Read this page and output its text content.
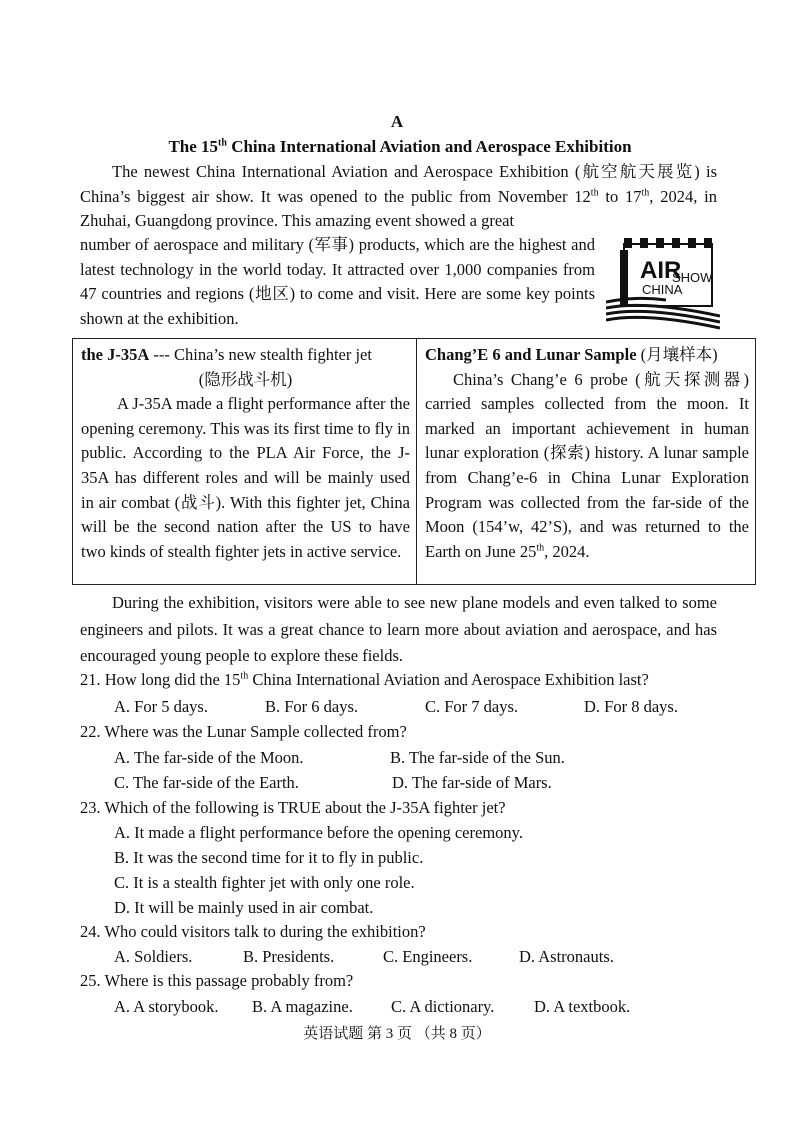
A
The 15th China International Aviation and Aerospace Exhibition

The newest China International Aviation and Aerospace Exhibition (航空航天展览) is China’s biggest air show. It was opened to the public from November 12th to 17th, 2024, in Zhuhai, Guangdong province. This amazing event showed a great

number of aerospace and military (军事) products, which are the highest and latest technology in the world today. It attracted over 1,000 companies from 47 countries and regions (地区) to come and visit. Here are some key points shown at the exhibition.

AIR
SHOW
CHINA
the J-35A --- China’s new stealth fighter jet
(隐形战斗机)
A J-35A made a flight performance after the opening ceremony. This was its first time to fly in public. According to the PLA Air Force, the J-35A has different roles and will be mainly used in air combat (战斗). With this fighter jet, China will be the second nation after the US to have two kinds of stealth fighter jets in active service.
Chang’E 6 and Lunar Sample (月壤样本)
China’s Chang’e 6 probe (航天探测器) carried samples collected from the moon. It marked an important achievement in human lunar exploration (探索) history. A lunar sample from Chang’e-6 in China Lunar Exploration Program was collected from the far-side of the Moon (154’w, 42’S), and was returned to the Earth on June 25th, 2024.

During the exhibition, visitors were able to see new plane models and even talked to some engineers and pilots. It was a great chance to learn more about aviation and aerospace, and has encouraged young people to explore these fields.

21. How long did the 15th China International Aviation and Aerospace Exhibition last?
A. For 5 days.	B. For 6 days.	C. For 7 days.	D. For 8 days.
22. Where was the Lunar Sample collected from?
A. The far-side of the Moon.	B. The far-side of the Sun.
C. The far-side of the Earth.	D. The far-side of Mars.
23. Which of the following is TRUE about the J-35A fighter jet?
A. It made a flight performance before the opening ceremony.
B. It was the second time for it to fly in public.
C. It is a stealth fighter jet with only one role.
D. It will be mainly used in air combat.
24. Who could visitors talk to during the exhibition?
A. Soldiers.	B. Presidents.	C. Engineers.	D. Astronauts.
25. Where is this passage probably from?
A. A storybook. B. A magazine. C. A dictionary. D. A textbook.
英语试题 第 3 页 （共 8 页）
